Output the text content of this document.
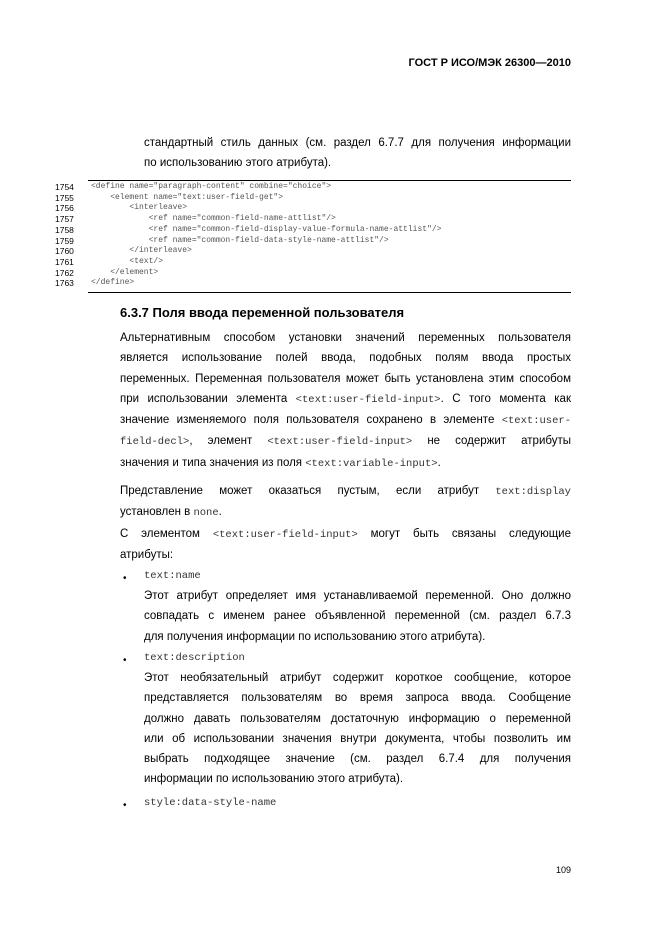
ГОСТ Р ИСО/МЭК 26300—2010
стандартный стиль данных (см. раздел 6.7.7 для получения информации
по использованию этого атрибута).
1754
1755
1756
1757
1758
1759
1760
1761
1762
1763
<define name="paragraph-content" combine="choice">
<element name="text:user-field-get">
<interleave>
<ref name="common-field-name-attlist"/>
<ref name="common-field-display-value-formula-name-attlist"/>
<ref name="common-field-data-style-name-attlist"/>
</interleave>
<text/>
</element>
</define>
6.3.7 Поля ввода переменной пользователя
Альтернативным способом установки значений переменных пользователя
является использование полей ввода, подобных полям ввода простых
переменных. Переменная пользователя может быть установлена этим способом
при использовании элемента <text:user-field-input>. С того момента как
значение изменяемого поля пользователя сохранено в элементе <text:user-
field-decl>, элемент <text:user-field-input> не содержит атрибуты
значения и типа значения из поля <text:variable-input>.
Представление может оказаться пустым, если атрибут text:display
установлен в none.
С элементом <text:user-field-input> могут быть связаны следующие
атрибуты:
• text:name
Этот атрибут определяет имя устанавливаемой переменной. Оно должно
совпадать с именем ранее объявленной переменной (см. раздел 6.7.3
для получения информации по использованию этого атрибута).
• text:description
Этот необязательный атрибут содержит короткое сообщение, которое
представляется пользователям во время запроса ввода. Сообщение
должно давать пользователям достаточную информацию о переменной
или об использовании значения внутри документа, чтобы позволить им
выбрать подходящее значение (см. раздел 6.7.4 для получения
информации по использованию этого атрибута).
• style:data-style-name
109
